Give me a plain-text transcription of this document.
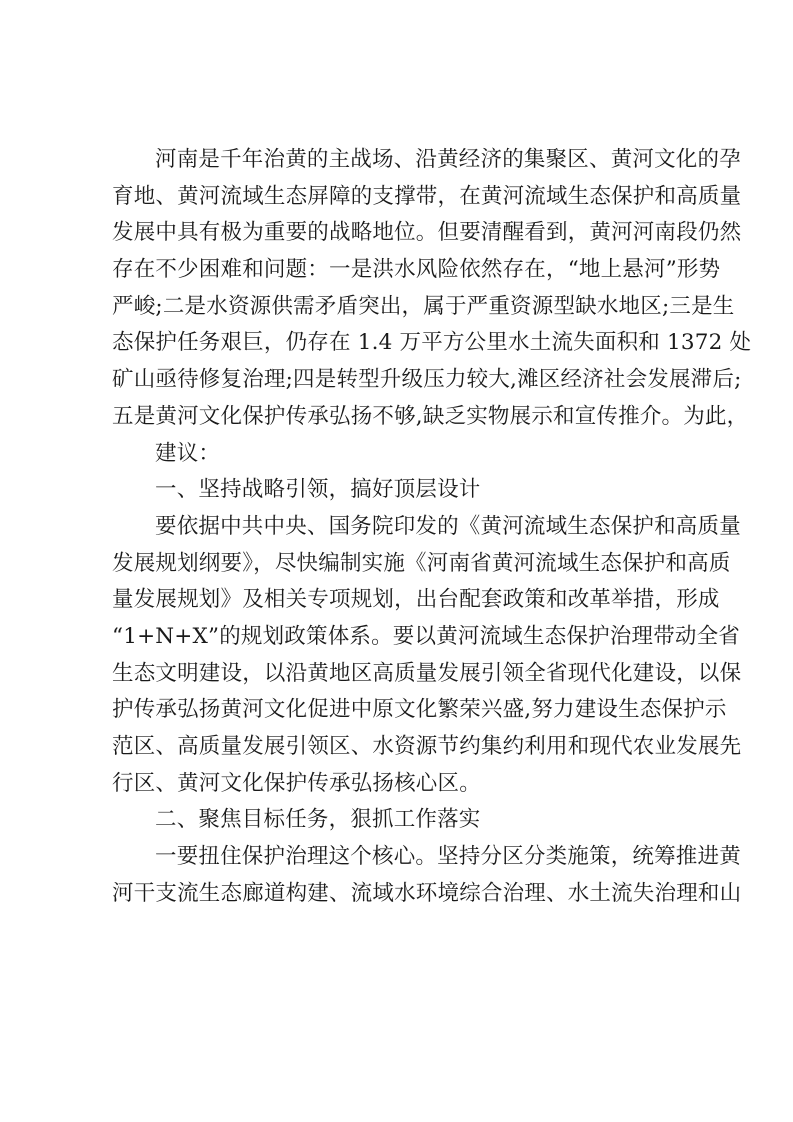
河南是千年治黄的主战场、沿黄经济的集聚区、黄河文化的孕
育地、黄河流域生态屏障的支撑带，在黄河流域生态保护和高质量
发展中具有极为重要的战略地位。但要清醒看到，黄河河南段仍然
存在不少困难和问题：一是洪水风险依然存在，“地上悬河”形势
严峻;二是水资源供需矛盾突出，属于严重资源型缺水地区;三是生
态保护任务艰巨，仍存在 1.4 万平方公里水土流失面积和 1372 处
矿山亟待修复治理;四是转型升级压力较大,滩区经济社会发展滞后;
五是黄河文化保护传承弘扬不够,缺乏实物展示和宣传推介。为此，
建议：
一、坚持战略引领，搞好顶层设计
要依据中共中央、国务院印发的《黄河流域生态保护和高质量
发展规划纲要》，尽快编制实施《河南省黄河流域生态保护和高质
量发展规划》及相关专项规划，出台配套政策和改革举措，形成
“1+N+X”的规划政策体系。要以黄河流域生态保护治理带动全省
生态文明建设，以沿黄地区高质量发展引领全省现代化建设，以保
护传承弘扬黄河文化促进中原文化繁荣兴盛,努力建设生态保护示
范区、高质量发展引领区、水资源节约集约利用和现代农业发展先
行区、黄河文化保护传承弘扬核心区。
二、聚焦目标任务，狠抓工作落实
一要扭住保护治理这个核心。坚持分区分类施策，统筹推进黄
河干支流生态廊道构建、流域水环境综合治理、水土流失治理和山
